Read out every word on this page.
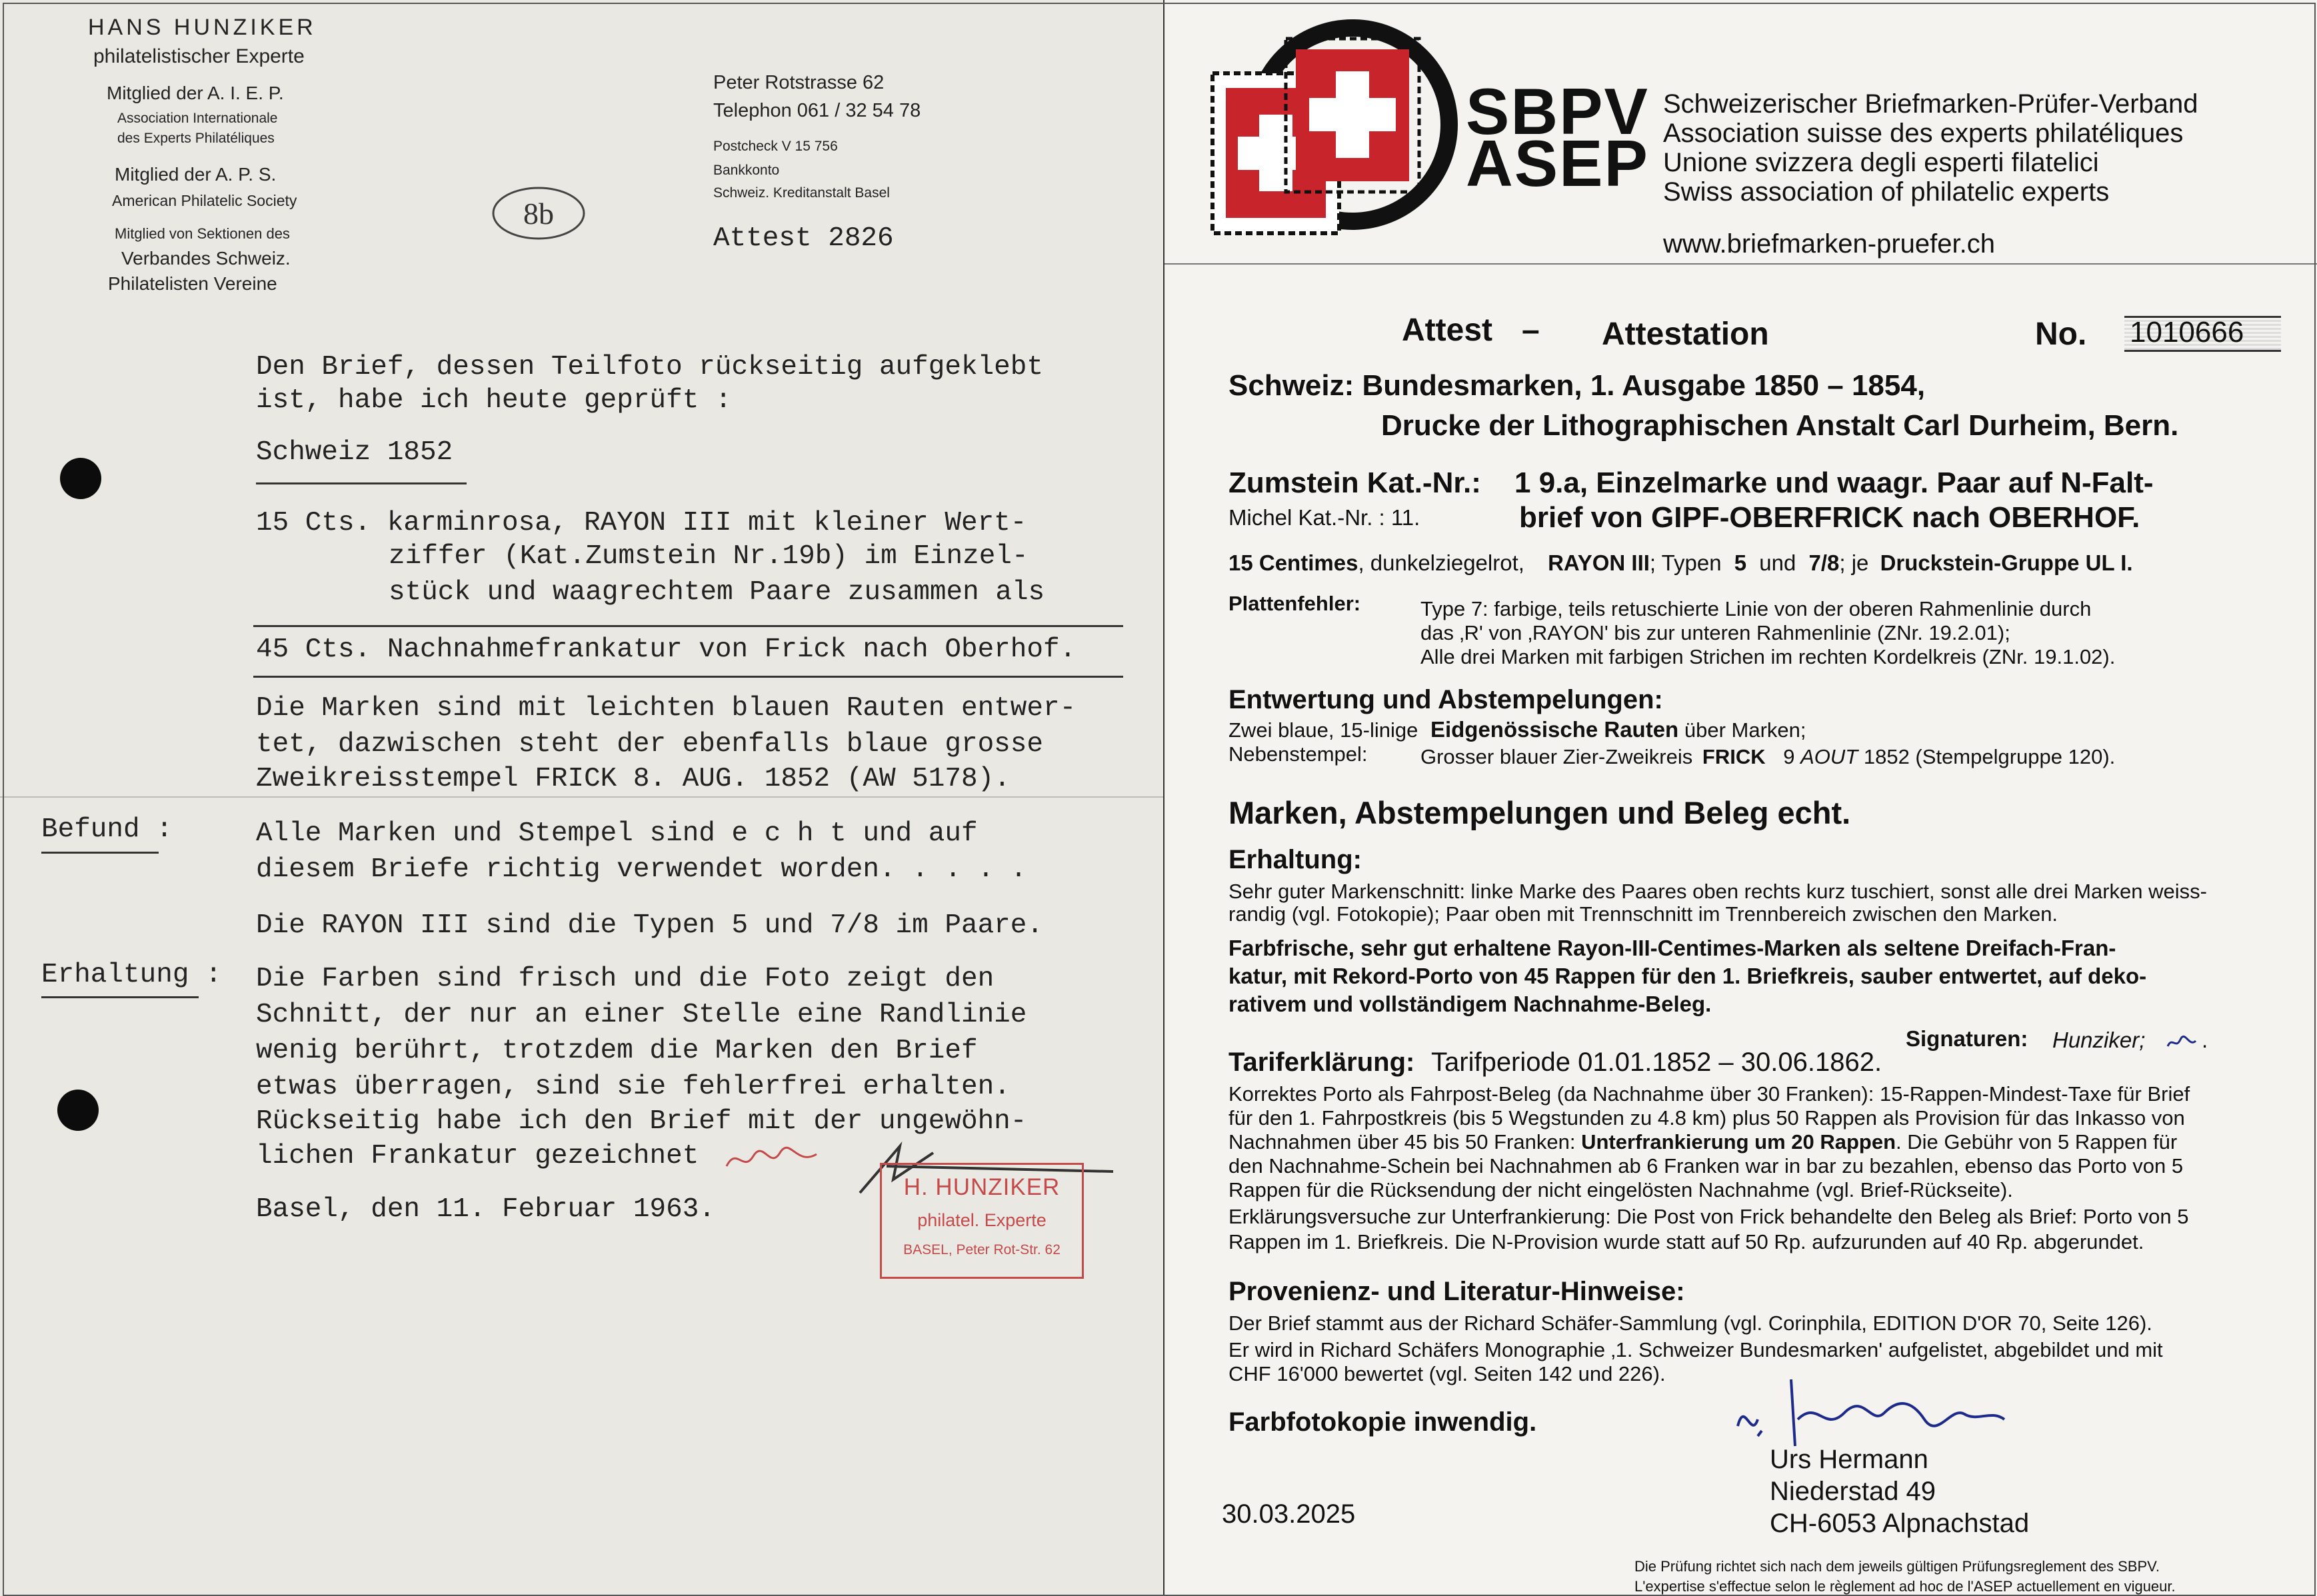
HANS HUNZIKER
philatelistischer Experte
Mitglied der A. I. E. P.
Association Internationale
des Experts Philatéliques
Mitglied der A. P. S.
American Philatelic Society
Mitglied von Sektionen des
Verbandes Schweiz.
Philatelisten Vereine
Peter Rotstrasse 62
Telephon 061 / 32 54 78
Postcheck V 15 756
Bankkonto
Schweiz. Kreditanstalt Basel
8b
Attest 2826
Den Brief, dessen Teilfoto rückseitig aufgeklebt
ist, habe ich heute geprüft :
Schweiz 1852
15 Cts. karminrosa, RAYON III mit kleiner Wert-
ziffer (Kat.Zumstein Nr.19b) im Einzel-
stück und waagrechtem Paare zusammen als
45 Cts. Nachnahmefrankatur von Frick nach Oberhof.
Die Marken sind mit leichten blauen Rauten entwer-
tet, dazwischen steht der ebenfalls blaue grosse
Zweikreisstempel FRICK 8. AUG. 1852 (AW 5178).
Befund :	Alle Marken und Stempel sind e c h t und auf
diesem Briefe richtig verwendet worden. . . . .
Die RAYON III sind die Typen 5 und 7/8 im Paare.
Erhaltung : Die Farben sind frisch und die Foto zeigt den
Schnitt, der nur an einer Stelle eine Randlinie
wenig berührt, trotzdem die Marken den Brief
etwas überragen, sind sie fehlerfrei erhalten.
Rückseitig habe ich den Brief mit der ungewöhn-
lichen Frankatur gezeichnet
Basel, den 11. Februar 1963.
H. HUNZIKER
philatel. Experte
BASEL, Peter Rot-Str. 62
SBPV
ASEP
Schweizerischer Briefmarken-Prüfer-Verband
Association suisse des experts philatéliques
Unione svizzera degli esperti filatelici
Swiss association of philatelic experts
www.briefmarken-pruefer.ch
Attest – Attestation	No. 1010666
Schweiz: Bundesmarken, 1. Ausgabe 1850 – 1854,
Drucke der Lithographischen Anstalt Carl Durheim, Bern.
Zumstein Kat.-Nr.: 1 9.a, Einzelmarke und waagr. Paar auf N-Falt-
Michel Kat.-Nr. : 11.	brief von GIPF-OBERFRICK nach OBERHOF.
15 Centimes, dunkelziegelrot, RAYON III; Typen 5 und 7/8; je Druckstein-Gruppe UL I.
Plattenfehler:	Type 7: farbige, teils retuschierte Linie von der oberen Rahmenlinie durch
das ‚R' von ‚RAYON' bis zur unteren Rahmenlinie (ZNr. 19.2.01);
Alle drei Marken mit farbigen Strichen im rechten Kordelkreis (ZNr. 19.1.02).
Entwertung und Abstempelungen:
Zwei blaue, 15-linige Eidgenössische Rauten über Marken;
Nebenstempel:	Grosser blauer Zier-Zweikreis FRICK 9 AOUT 1852 (Stempelgruppe 120).
Marken, Abstempelungen und Beleg echt.
Erhaltung:
Sehr guter Markenschnitt: linke Marke des Paares oben rechts kurz tuschiert, sonst alle drei Marken weiss-
randig (vgl. Fotokopie); Paar oben mit Trennschnitt im Trennbereich zwischen den Marken.
Farbfrische, sehr gut erhaltene Rayon-III-Centimes-Marken als seltene Dreifach-Fran-
katur, mit Rekord-Porto von 45 Rappen für den 1. Briefkreis, sauber entwertet, auf deko-
rativem und vollständigem Nachnahme-Beleg.
Signaturen: Hunziker;	.
Tariferklärung: Tarifperiode 01.01.1852 – 30.06.1862.
Korrektes Porto als Fahrpost-Beleg (da Nachnahme über 30 Franken): 15-Rappen-Mindest-Taxe für Brief
für den 1. Fahrpostkreis (bis 5 Wegstunden zu 4.8 km) plus 50 Rappen als Provision für das Inkasso von
Nachnahmen über 45 bis 50 Franken: Unterfrankierung um 20 Rappen. Die Gebühr von 5 Rappen für
den Nachnahme-Schein bei Nachnahmen ab 6 Franken war in bar zu bezahlen, ebenso das Porto von 5
Rappen für die Rücksendung der nicht eingelösten Nachnahme (vgl. Brief-Rückseite).
Erklärungsversuche zur Unterfrankierung: Die Post von Frick behandelte den Beleg als Brief: Porto von 5
Rappen im 1. Briefkreis. Die N-Provision wurde statt auf 50 Rp. aufzurunden auf 40 Rp. abgerundet.
Provenienz- und Literatur-Hinweise:
Der Brief stammt aus der Richard Schäfer-Sammlung (vgl. Corinphila, EDITION D'OR 70, Seite 126).
Er wird in Richard Schäfers Monographie ‚1. Schweizer Bundesmarken' aufgelistet, abgebildet und mit
CHF 16'000 bewertet (vgl. Seiten 142 und 226).
Farbfotokopie inwendig.
Urs Hermann
Niederstad 49
CH-6053 Alpnachstad
30.03.2025
Die Prüfung richtet sich nach dem jeweils gültigen Prüfungsreglement des SBPV.
L'expertise s'effectue selon le règlement ad hoc de l'ASEP actuellement en vigueur.
